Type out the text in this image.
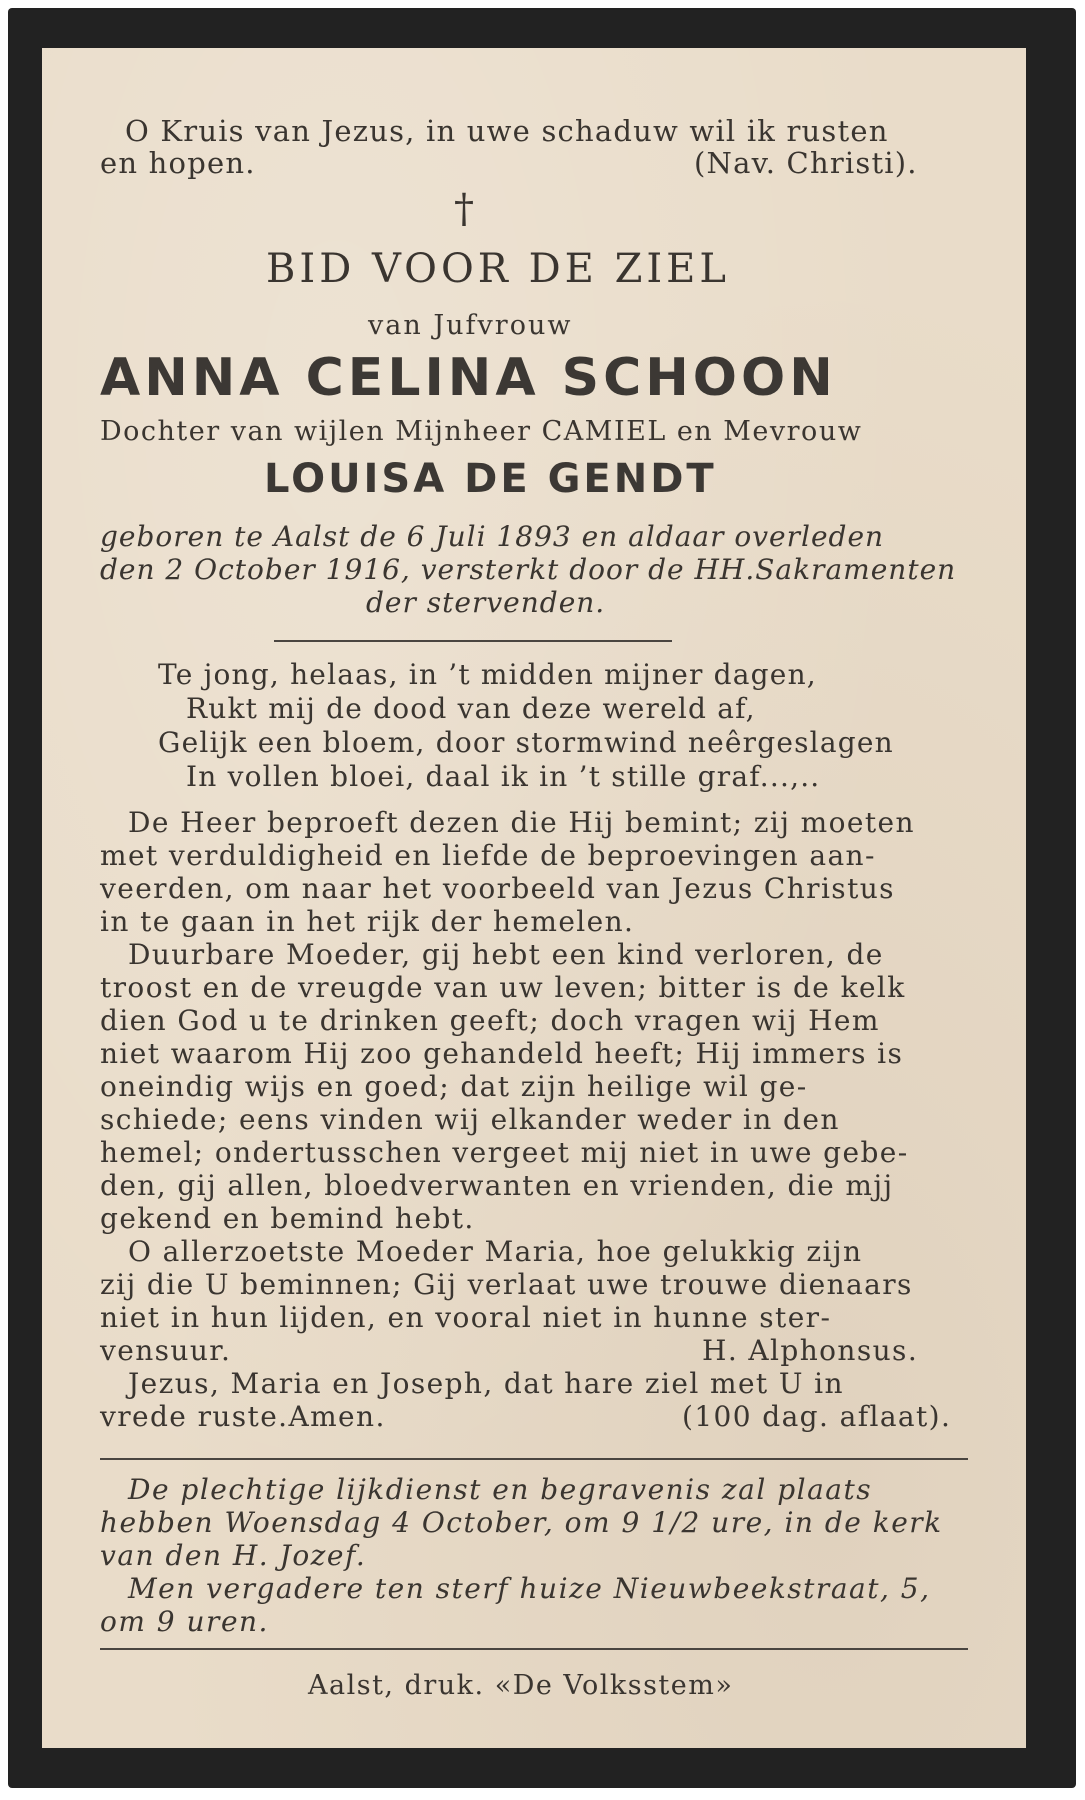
O Kruis van Jezus, in uwe schaduw wil ik rusten
en hopen.	(Nav. Christi).
†
BID VOOR DE ZIEL
van Jufvrouw
ANNA CELINA SCHOON
Dochter van wijlen Mijnheer CAMIEL en Mevrouw
LOUISA DE GENDT
geboren te Aalst de 6 Juli 1893 en aldaar overleden
den 2 October 1916, versterkt door de HH.Sakramenten
der stervenden.
Te jong, helaas, in ’t midden mijner dagen,
Rukt mij de dood van deze wereld af,
Gelijk een bloem, door stormwind neêrgeslagen
In vollen bloei, daal ik in ’t stille graf...,..
De Heer beproeft dezen die Hij bemint; zij moeten
met verduldigheid en liefde de beproevingen aan-
veerden, om naar het voorbeeld van Jezus Christus
in te gaan in het rijk der hemelen.
Duurbare Moeder, gij hebt een kind verloren, de
troost en de vreugde van uw leven; bitter is de kelk
dien God u te drinken geeft; doch vragen wij Hem
niet waarom Hij zoo gehandeld heeft; Hij immers is
oneindig wijs en goed; dat zijn heilige wil ge-
schiede; eens vinden wij elkander weder in den
hemel; ondertusschen vergeet mij niet in uwe gebe-
den, gij allen, bloedverwanten en vrienden, die mjj
gekend en bemind hebt.
O allerzoetste Moeder Maria, hoe gelukkig zijn
zij die U beminnen; Gij verlaat uwe trouwe dienaars
niet in hun lijden, en vooral niet in hunne ster-
vensuur.	H. Alphonsus.
Jezus, Maria en Joseph, dat hare ziel met U in
vrede ruste.Amen.	(100 dag. aflaat).
De plechtige lijkdienst en begravenis zal plaats
hebben Woensdag 4 October, om 9 1/2 ure, in de kerk
van den H. Jozef.
Men vergadere ten sterf huize Nieuwbeekstraat, 5,
om 9 uren.
Aalst, druk. «De Volksstem»
